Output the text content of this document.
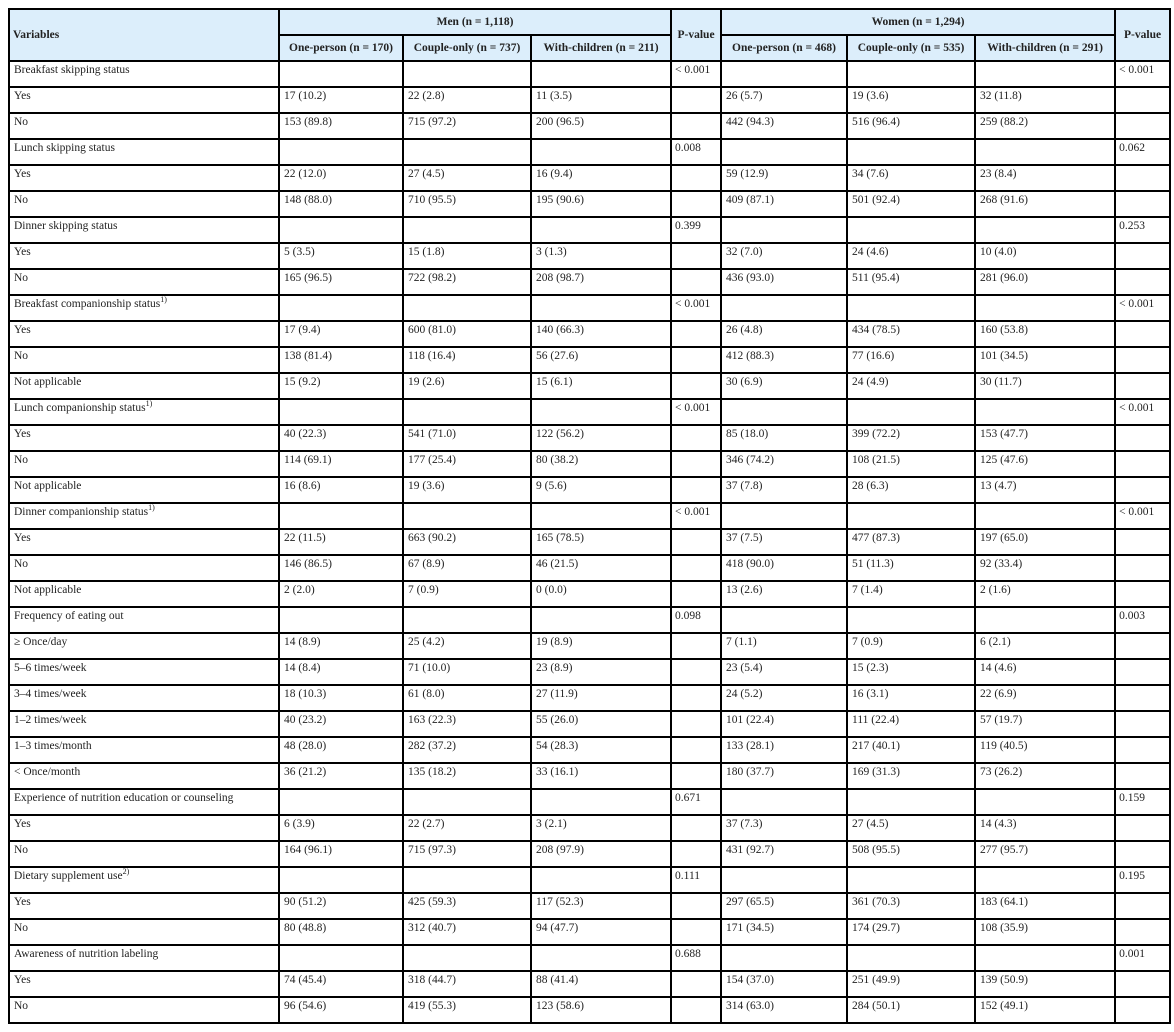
Variables	Men (n = 1,118)			P-value	Women (n = 1,294)			P-value
	One-person (n = 170)	Couple-only (n = 737)	With-children (n = 211)		One-person (n = 468)	Couple-only (n = 535)	With-children (n = 291)	
Breakfast skipping status				< 0.001				< 0.001
Yes	17 (10.2)	22 (2.8)	11 (3.5)		26 (5.7)	19 (3.6)	32 (11.8)	
No	153 (89.8)	715 (97.2)	200 (96.5)		442 (94.3)	516 (96.4)	259 (88.2)	
Lunch skipping status				0.008				0.062
Yes	22 (12.0)	27 (4.5)	16 (9.4)		59 (12.9)	34 (7.6)	23 (8.4)	
No	148 (88.0)	710 (95.5)	195 (90.6)		409 (87.1)	501 (92.4)	268 (91.6)	
Dinner skipping status				0.399				0.253
Yes	5 (3.5)	15 (1.8)	3 (1.3)		32 (7.0)	24 (4.6)	10 (4.0)	
No	165 (96.5)	722 (98.2)	208 (98.7)		436 (93.0)	511 (95.4)	281 (96.0)	
Breakfast companionship status$^{1)}$				< 0.001				< 0.001
Yes	17 (9.4)	600 (81.0)	140 (66.3)		26 (4.8)	434 (78.5)	160 (53.8)	
No	138 (81.4)	118 (16.4)	56 (27.6)		412 (88.3)	77 (16.6)	101 (34.5)	
Not applicable	15 (9.2)	19 (2.6)	15 (6.1)		30 (6.9)	24 (4.9)	30 (11.7)	
Lunch companionship status$^{1)}$				< 0.001				< 0.001
Yes	40 (22.3)	541 (71.0)	122 (56.2)		85 (18.0)	399 (72.2)	153 (47.7)	
No	114 (69.1)	177 (25.4)	80 (38.2)		346 (74.2)	108 (21.5)	125 (47.6)	
Not applicable	16 (8.6)	19 (3.6)	9 (5.6)		37 (7.8)	28 (6.3)	13 (4.7)	
Dinner companionship status$^{1)}$				< 0.001				< 0.001
Yes	22 (11.5)	663 (90.2)	165 (78.5)		37 (7.5)	477 (87.3)	197 (65.0)	
No	146 (86.5)	67 (8.9)	46 (21.5)		418 (90.0)	51 (11.3)	92 (33.4)	
Not applicable	2 (2.0)	7 (0.9)	0 (0.0)		13 (2.6)	7 (1.4)	2 (1.6)	
Frequency of eating out				0.098				0.003
≥ Once/day	14 (8.9)	25 (4.2)	19 (8.9)		7 (1.1)	7 (0.9)	6 (2.1)	
5–6 times/week	14 (8.4)	71 (10.0)	23 (8.9)		23 (5.4)	15 (2.3)	14 (4.6)	
3–4 times/week	18 (10.3)	61 (8.0)	27 (11.9)		24 (5.2)	16 (3.1)	22 (6.9)	
1–2 times/week	40 (23.2)	163 (22.3)	55 (26.0)		101 (22.4)	111 (22.4)	57 (19.7)	
1–3 times/month	48 (28.0)	282 (37.2)	54 (28.3)		133 (28.1)	217 (40.1)	119 (40.5)	
< Once/month	36 (21.2)	135 (18.2)	33 (16.1)		180 (37.7)	169 (31.3)	73 (26.2)	
Experience of nutrition education or counseling				0.671				0.159
Yes	6 (3.9)	22 (2.7)	3 (2.1)		37 (7.3)	27 (4.5)	14 (4.3)	
No	164 (96.1)	715 (97.3)	208 (97.9)		431 (92.7)	508 (95.5)	277 (95.7)	
Dietary supplement use$^{2)}$				0.111				0.195
Yes	90 (51.2)	425 (59.3)	117 (52.3)		297 (65.5)	361 (70.3)	183 (64.1)	
No	80 (48.8)	312 (40.7)	94 (47.7)		171 (34.5)	174 (29.7)	108 (35.9)	
Awareness of nutrition labeling				0.688				0.001
Yes	74 (45.4)	318 (44.7)	88 (41.4)		154 (37.0)	251 (49.9)	139 (50.9)	
No	96 (54.6)	419 (55.3)	123 (58.6)		314 (63.0)	284 (50.1)	152 (49.1)	
